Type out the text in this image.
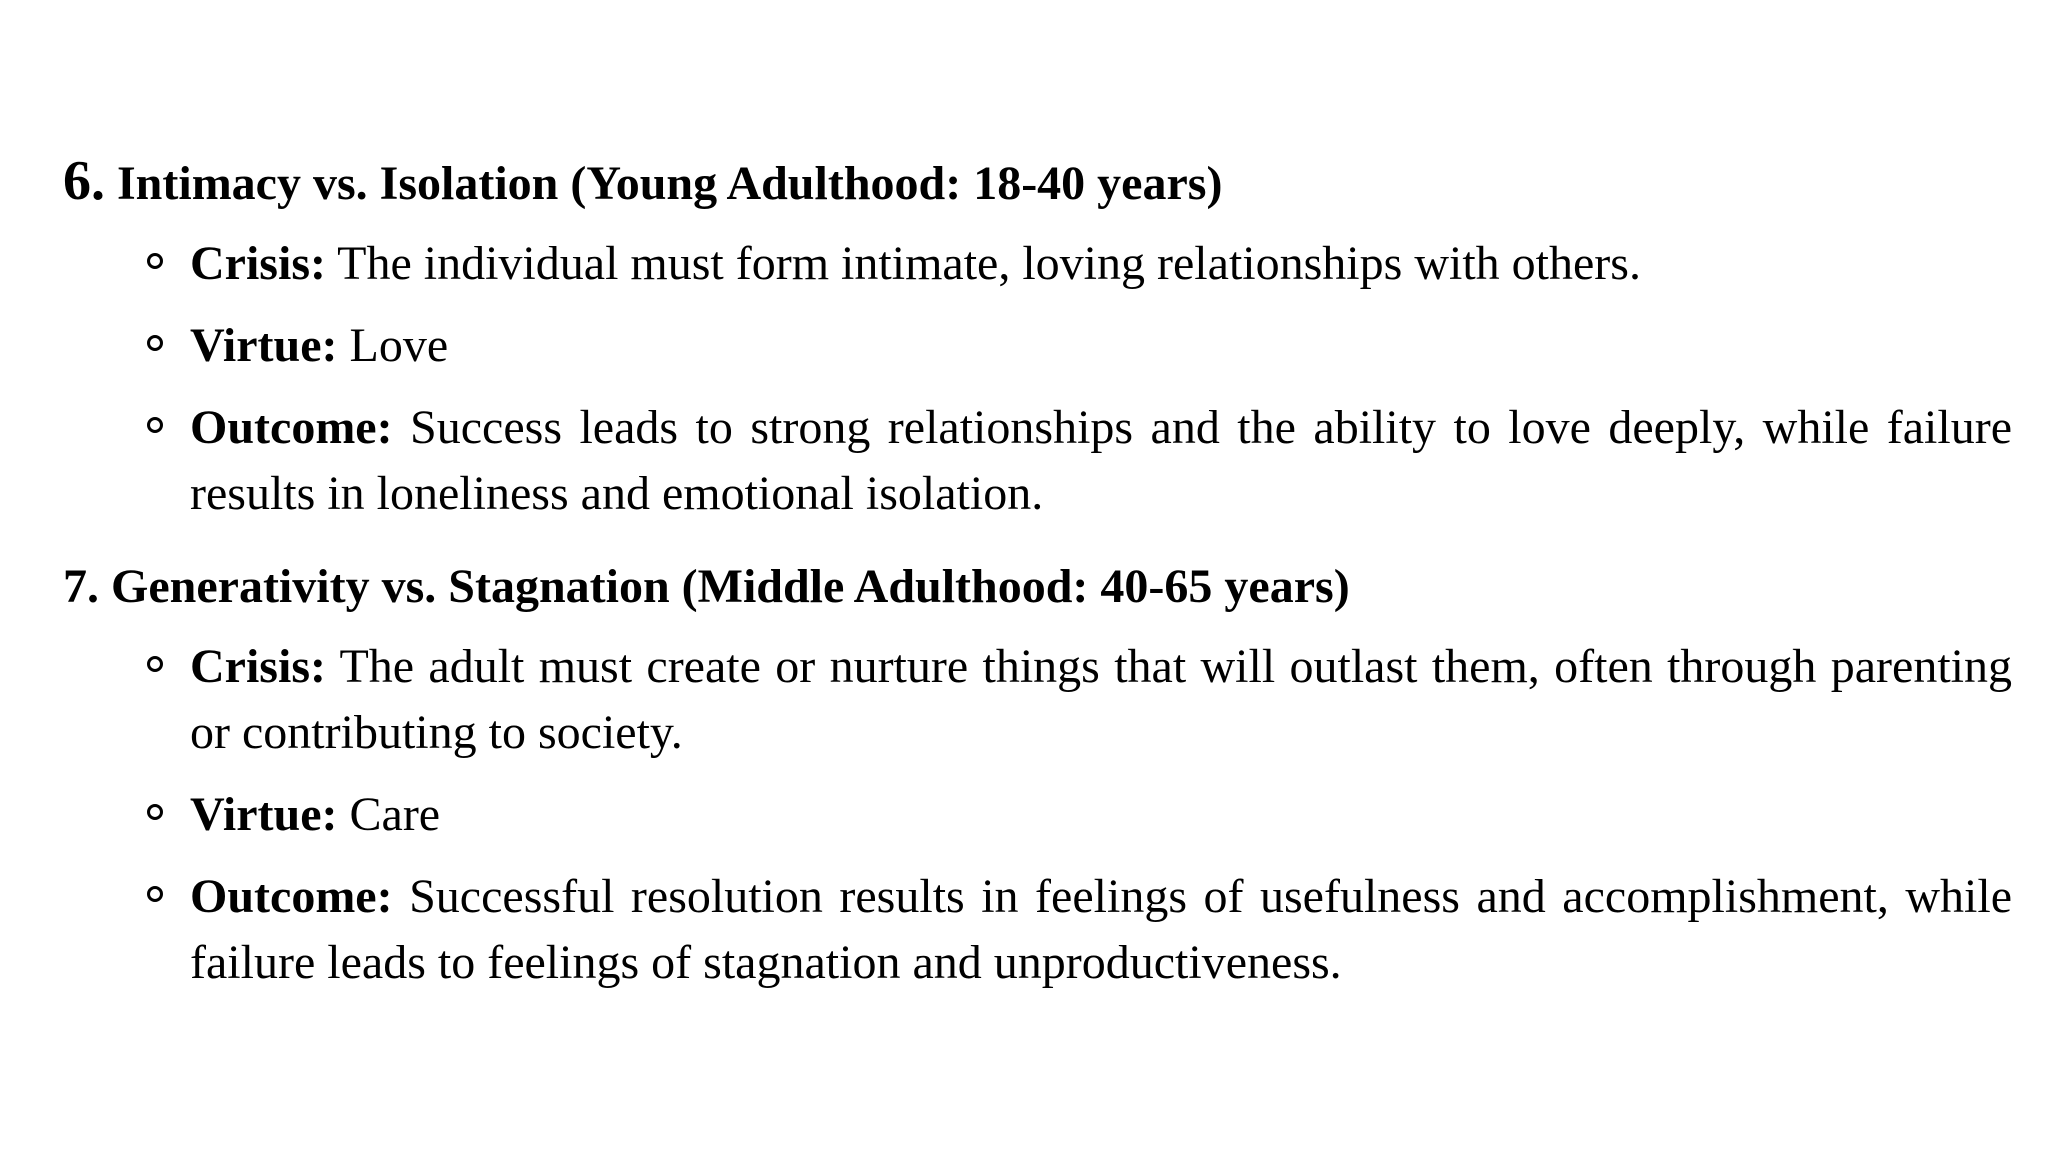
6. Intimacy vs. Isolation (Young Adulthood: 18-40 years)
Crisis: The individual must form intimate, loving relationships with others.
Virtue: Love
Outcome: Success leads to strong relationships and the ability to love deeply, while failure results in loneliness and emotional isolation.
7. Generativity vs. Stagnation (Middle Adulthood: 40-65 years)
Crisis: The adult must create or nurture things that will outlast them, often through parenting or contributing to society.
Virtue: Care
Outcome: Successful resolution results in feelings of usefulness and accomplishment, while failure leads to feelings of stagnation and unproductiveness.
